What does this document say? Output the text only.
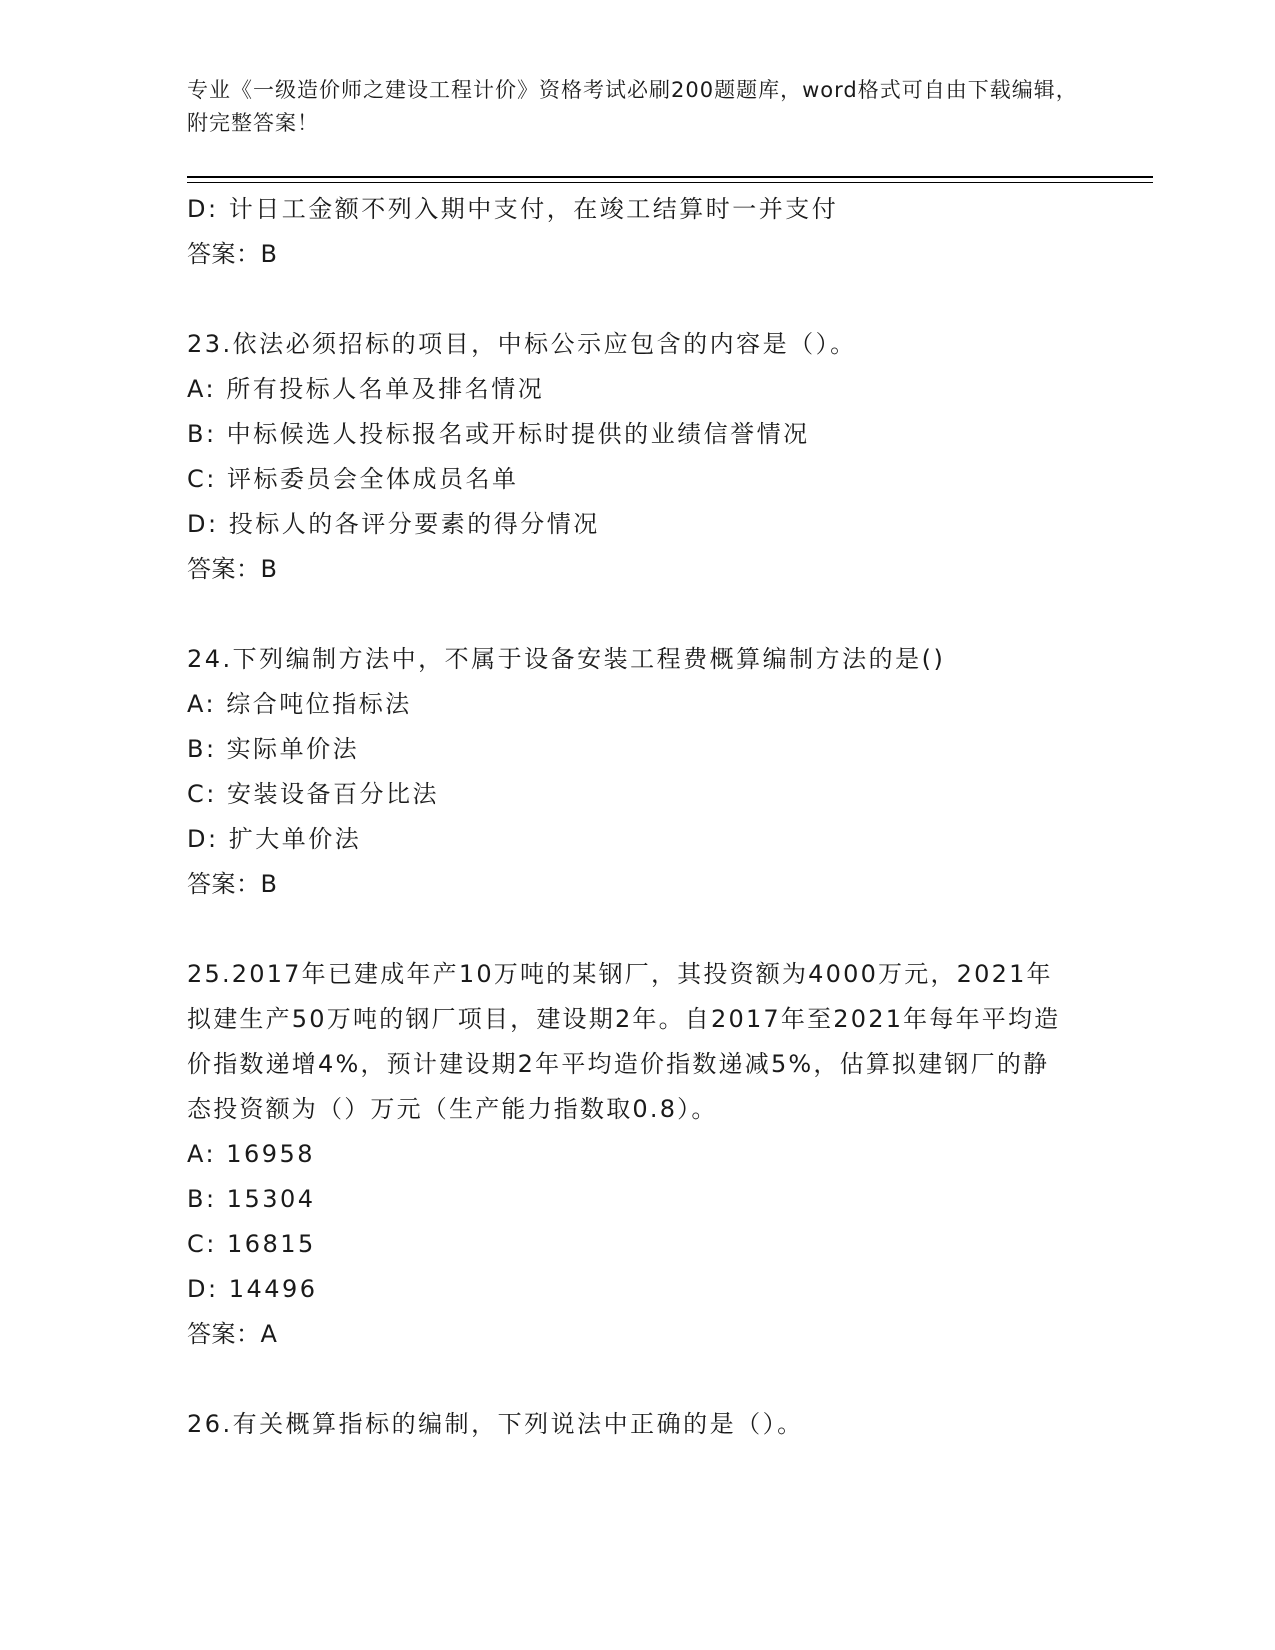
专业《一级造价师之建设工程计价》资格考试必刷200题题库，word格式可自由下载编辑，附完整答案！
D: 计日工金额不列入期中支付，在竣工结算时一并支付
答案：B
23.依法必须招标的项目，中标公示应包含的内容是（）。
A: 所有投标人名单及排名情况
B: 中标候选人投标报名或开标时提供的业绩信誉情况
C: 评标委员会全体成员名单
D: 投标人的各评分要素的得分情况
答案：B
24.下列编制方法中，不属于设备安装工程费概算编制方法的是()
A: 综合吨位指标法
B: 实际单价法
C: 安装设备百分比法
D: 扩大单价法
答案：B
25.2017年已建成年产10万吨的某钢厂，其投资额为4000万元，2021年拟建生产50万吨的钢厂项目，建设期2年。自2017年至2021年每年平均造价指数递增4%，预计建设期2年平均造价指数递减5%，估算拟建钢厂的静态投资额为（）万元（生产能力指数取0.8）。
A: 16958
B: 15304
C: 16815
D: 14496
答案：A
26.有关概算指标的编制，下列说法中正确的是（）。
